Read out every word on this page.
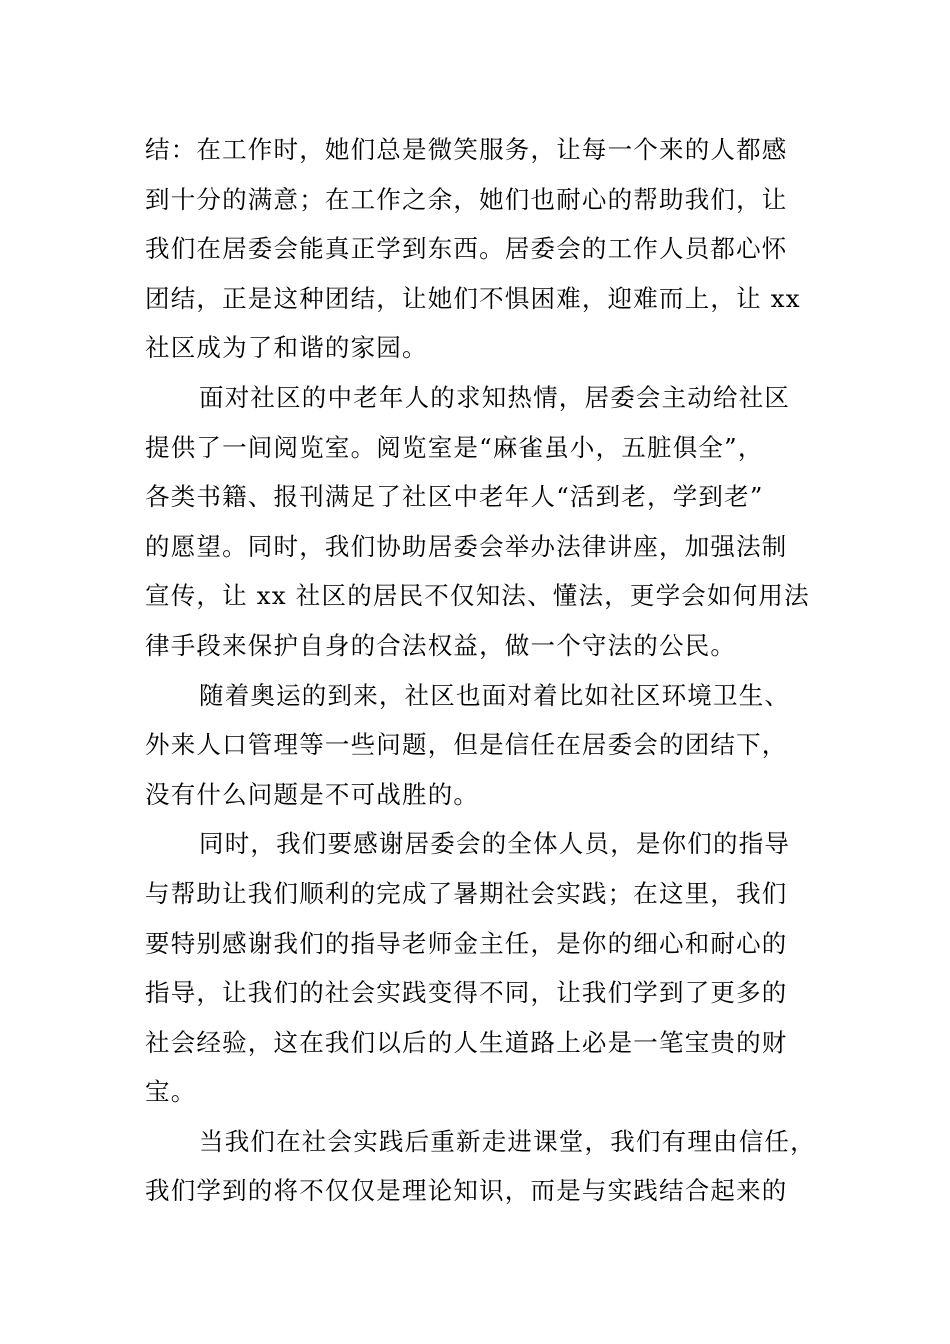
结：在工作时，她们总是微笑服务，让每一个来的人都感
到十分的满意；在工作之余，她们也耐心的帮助我们，让
我们在居委会能真正学到东西。居委会的工作人员都心怀
团结，正是这种团结，让她们不惧困难，迎难而上，让 xx
社区成为了和谐的家园。
面对社区的中老年人的求知热情，居委会主动给社区
提供了一间阅览室。阅览室是“麻雀虽小，五脏俱全”，
各类书籍、报刊满足了社区中老年人“活到老，学到老”
的愿望。同时，我们协助居委会举办法律讲座，加强法制
宣传，让 xx 社区的居民不仅知法、懂法，更学会如何用法
律手段来保护自身的合法权益，做一个守法的公民。
随着奥运的到来，社区也面对着比如社区环境卫生、
外来人口管理等一些问题，但是信任在居委会的团结下，
没有什么问题是不可战胜的。
同时，我们要感谢居委会的全体人员，是你们的指导
与帮助让我们顺利的完成了暑期社会实践；在这里，我们
要特别感谢我们的指导老师金主任，是你的细心和耐心的
指导，让我们的社会实践变得不同，让我们学到了更多的
社会经验，这在我们以后的人生道路上必是一笔宝贵的财
宝。
当我们在社会实践后重新走进课堂，我们有理由信任，
我们学到的将不仅仅是理论知识，而是与实践结合起来的
